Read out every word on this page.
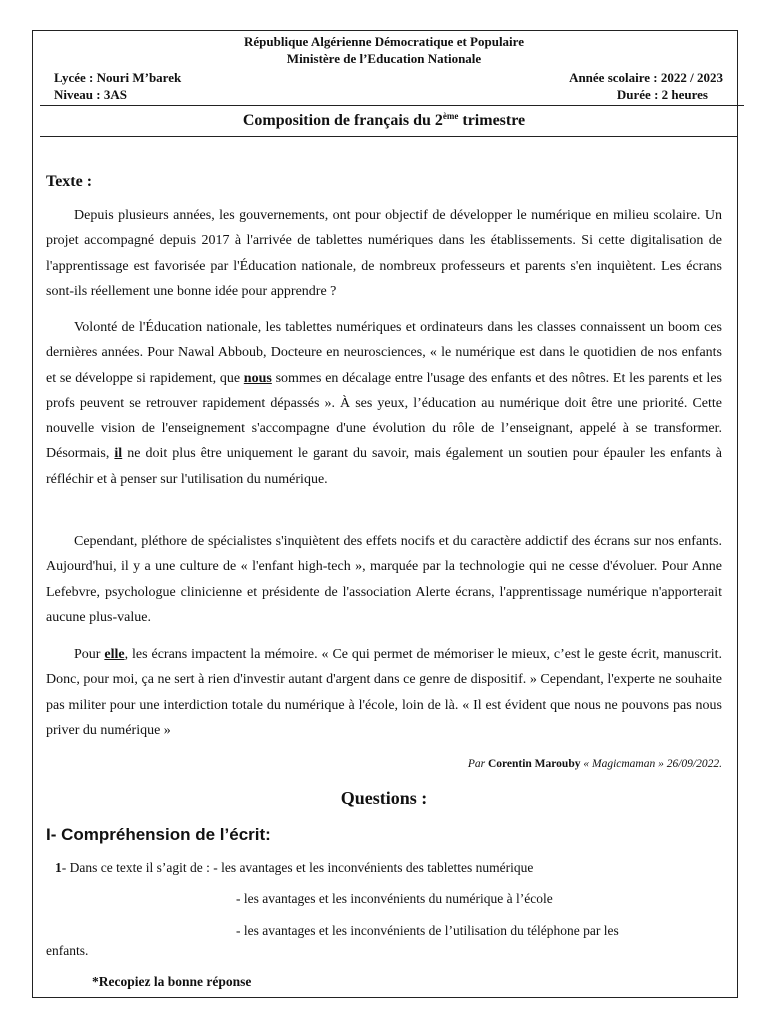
République Algérienne Démocratique et Populaire
Ministère de l’Education Nationale
Lycée : Nouri M’barek
Niveau : 3AS
Année scolaire : 2022 / 2023
Durée : 2 heures
Composition de français du 2ème trimestre
Texte :
Depuis plusieurs années, les gouvernements, ont pour objectif de développer le numérique en milieu scolaire. Un projet accompagné depuis 2017 à l'arrivée de tablettes numériques dans les établissements. Si cette digitalisation de l'apprentissage est favorisée par l'Éducation nationale, de nombreux professeurs et parents s'en inquiètent. Les écrans sont-ils réellement une bonne idée pour apprendre ?
Volonté de l'Éducation nationale, les tablettes numériques et ordinateurs dans les classes connaissent un boom ces dernières années. Pour Nawal Abboub, Docteure en neurosciences, « le numérique est dans le quotidien de nos enfants et se développe si rapidement, que nous sommes en décalage entre l'usage des enfants et des nôtres. Et les parents et les profs peuvent se retrouver rapidement dépassés ». À ses yeux, l’éducation au numérique doit être une priorité. Cette nouvelle vision de l'enseignement s'accompagne d'une évolution du rôle de l’enseignant, appelé à se transformer. Désormais, il ne doit plus être uniquement le garant du savoir, mais également un soutien pour épauler les enfants à réfléchir et à penser sur l'utilisation du numérique.
Cependant, pléthore de spécialistes s'inquiètent des effets nocifs et du caractère addictif des écrans sur nos enfants. Aujourd'hui, il y a une culture de « l'enfant high-tech », marquée par la technologie qui ne cesse d'évoluer. Pour Anne Lefebvre, psychologue clinicienne et présidente de l'association Alerte écrans, l'apprentissage numérique n'apporterait aucune plus-value.
Pour elle, les écrans impactent la mémoire. « Ce qui permet de mémoriser le mieux, c’est le geste écrit, manuscrit. Donc, pour moi, ça ne sert à rien d'investir autant d'argent dans ce genre de dispositif. » Cependant, l'experte ne souhaite pas militer pour une interdiction totale du numérique à l'école, loin de là. « Il est évident que nous ne pouvons pas nous priver du numérique »
Par Corentin Marouby « Magicmaman » 26/09/2022.
Questions :
I- Compréhension de l’écrit:
1- Dans ce texte il s’agit de : - les avantages et les inconvénients des tablettes numérique
- les avantages et les inconvénients du numérique à l’école
- les avantages et les inconvénients de l’utilisation du téléphone par les
enfants.
*Recopiez la bonne réponse
